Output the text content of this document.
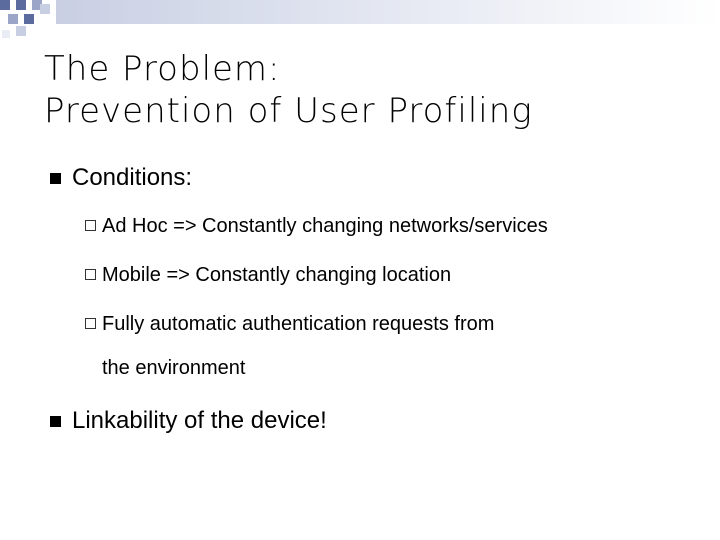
The Problem:
Prevention of User Profiling
Conditions:
Ad Hoc => Constantly changing networks/services
Mobile => Constantly changing location
Fully automatic authentication requests from
the environment
Linkability of the device!
